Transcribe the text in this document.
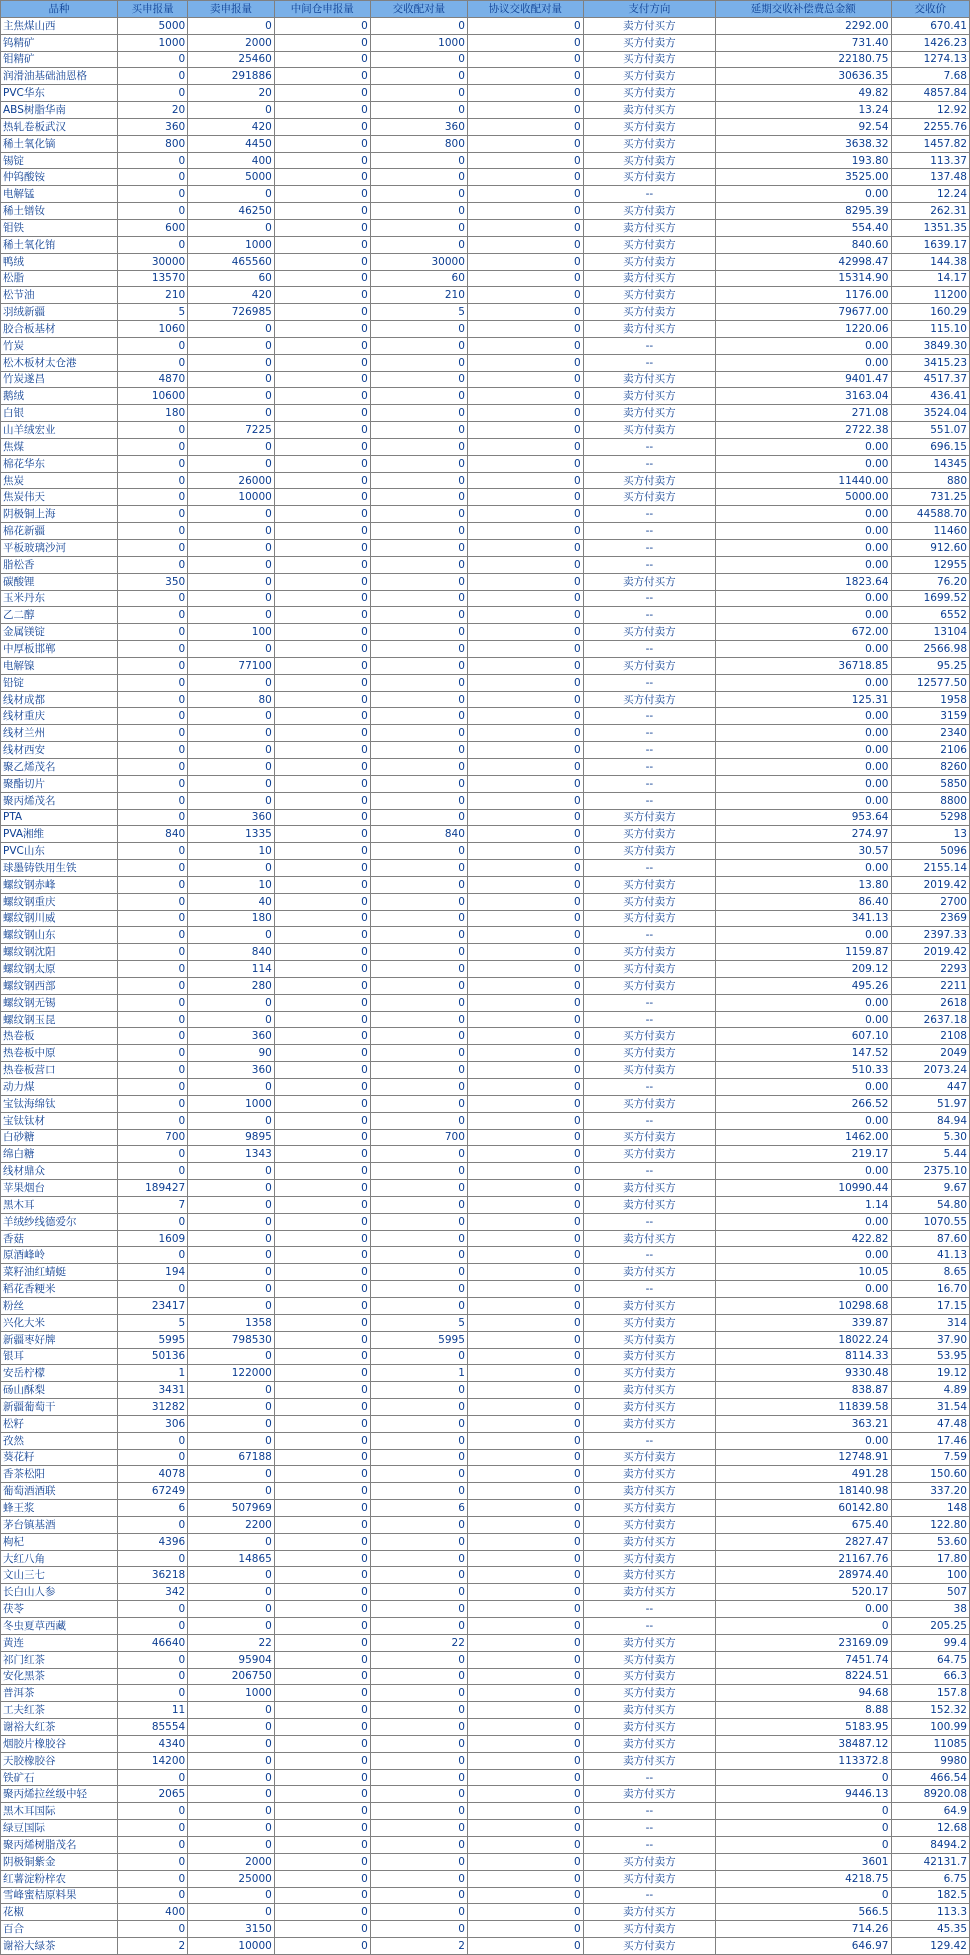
品种	买申报量	卖申报量	中间仓申报量	交收配对量	协议交收配对量	支付方向	延期交收补偿费总金额	交收价
主焦煤山西	5000	0	0	0	0	卖方付买方	2292.00	670.41
钨精矿	1000	2000	0	1000	0	买方付卖方	731.40	1426.23
钼精矿	0	25460	0	0	0	买方付卖方	22180.75	1274.13
润滑油基础油恩格	0	291886	0	0	0	买方付卖方	30636.35	7.68
PVC华东	0	20	0	0	0	买方付卖方	49.82	4857.84
ABS树脂华南	20	0	0	0	0	卖方付买方	13.24	12.92
热轧卷板武汉	360	420	0	360	0	买方付卖方	92.54	2255.76
稀土氧化镝	800	4450	0	800	0	买方付卖方	3638.32	1457.82
锡锭	0	400	0	0	0	买方付卖方	193.80	113.37
仲钨酸铵	0	5000	0	0	0	买方付卖方	3525.00	137.48
电解锰	0	0	0	0	0	--	0.00	12.24
稀土镨钕	0	46250	0	0	0	买方付卖方	8295.39	262.31
钼铁	600	0	0	0	0	卖方付买方	554.40	1351.35
稀土氧化铕	0	1000	0	0	0	买方付卖方	840.60	1639.17
鸭绒	30000	465560	0	30000	0	买方付卖方	42998.47	144.38
松脂	13570	60	0	60	0	卖方付买方	15314.90	14.17
松节油	210	420	0	210	0	买方付卖方	1176.00	11200
羽绒新疆	5	726985	0	5	0	买方付卖方	79677.00	160.29
胶合板基材	1060	0	0	0	0	卖方付买方	1220.06	115.10
竹炭	0	0	0	0	0	--	0.00	3849.30
松木板材太仓港	0	0	0	0	0	--	0.00	3415.23
竹炭遂昌	4870	0	0	0	0	卖方付买方	9401.47	4517.37
鹅绒	10600	0	0	0	0	卖方付买方	3163.04	436.41
白银	180	0	0	0	0	卖方付买方	271.08	3524.04
山羊绒宏业	0	7225	0	0	0	买方付卖方	2722.38	551.07
焦煤	0	0	0	0	0	--	0.00	696.15
棉花华东	0	0	0	0	0	--	0.00	14345
焦炭	0	26000	0	0	0	买方付卖方	11440.00	880
焦炭伟天	0	10000	0	0	0	买方付卖方	5000.00	731.25
阴极铜上海	0	0	0	0	0	--	0.00	44588.70
棉花新疆	0	0	0	0	0	--	0.00	11460
平板玻璃沙河	0	0	0	0	0	--	0.00	912.60
脂松香	0	0	0	0	0	--	0.00	12955
碳酸锂	350	0	0	0	0	卖方付买方	1823.64	76.20
玉米丹东	0	0	0	0	0	--	0.00	1699.52
乙二醇	0	0	0	0	0	--	0.00	6552
金属镁锭	0	100	0	0	0	买方付卖方	672.00	13104
中厚板邯郸	0	0	0	0	0	--	0.00	2566.98
电解镍	0	77100	0	0	0	买方付卖方	36718.85	95.25
铅锭	0	0	0	0	0	--	0.00	12577.50
线材成都	0	80	0	0	0	买方付卖方	125.31	1958
线材重庆	0	0	0	0	0	--	0.00	3159
线材兰州	0	0	0	0	0	--	0.00	2340
线材西安	0	0	0	0	0	--	0.00	2106
聚乙烯茂名	0	0	0	0	0	--	0.00	8260
聚酯切片	0	0	0	0	0	--	0.00	5850
聚丙烯茂名	0	0	0	0	0	--	0.00	8800
PTA	0	360	0	0	0	买方付卖方	953.64	5298
PVA湘维	840	1335	0	840	0	买方付卖方	274.97	13
PVC山东	0	10	0	0	0	买方付卖方	30.57	5096
球墨铸铁用生铁	0	0	0	0	0	--	0.00	2155.14
螺纹钢赤峰	0	10	0	0	0	买方付卖方	13.80	2019.42
螺纹钢重庆	0	40	0	0	0	买方付卖方	86.40	2700
螺纹钢川威	0	180	0	0	0	买方付卖方	341.13	2369
螺纹钢山东	0	0	0	0	0	--	0.00	2397.33
螺纹钢沈阳	0	840	0	0	0	买方付卖方	1159.87	2019.42
螺纹钢太原	0	114	0	0	0	买方付卖方	209.12	2293
螺纹钢西部	0	280	0	0	0	买方付卖方	495.26	2211
螺纹钢无锡	0	0	0	0	0	--	0.00	2618
螺纹钢玉昆	0	0	0	0	0	--	0.00	2637.18
热卷板	0	360	0	0	0	买方付卖方	607.10	2108
热卷板中原	0	90	0	0	0	买方付卖方	147.52	2049
热卷板营口	0	360	0	0	0	买方付卖方	510.33	2073.24
动力煤	0	0	0	0	0	--	0.00	447
宝钛海绵钛	0	1000	0	0	0	买方付卖方	266.52	51.97
宝钛钛材	0	0	0	0	0	--	0.00	84.94
白砂糖	700	9895	0	700	0	买方付卖方	1462.00	5.30
绵白糖	0	1343	0	0	0	买方付卖方	219.17	5.44
线材鼎众	0	0	0	0	0	--	0.00	2375.10
苹果烟台	189427	0	0	0	0	卖方付买方	10990.44	9.67
黑木耳	7	0	0	0	0	卖方付买方	1.14	54.80
羊绒纱线德爱尔	0	0	0	0	0	--	0.00	1070.55
香菇	1609	0	0	0	0	卖方付买方	422.82	87.60
原酒峰岭	0	0	0	0	0	--	0.00	41.13
菜籽油红蜻蜓	194	0	0	0	0	卖方付买方	10.05	8.65
稻花香粳米	0	0	0	0	0	--	0.00	16.70
粉丝	23417	0	0	0	0	卖方付买方	10298.68	17.15
兴化大米	5	1358	0	5	0	买方付卖方	339.87	314
新疆枣好牌	5995	798530	0	5995	0	买方付卖方	18022.24	37.90
银耳	50136	0	0	0	0	卖方付买方	8114.33	53.95
安岳柠檬	1	122000	0	1	0	买方付卖方	9330.48	19.12
砀山酥梨	3431	0	0	0	0	卖方付买方	838.87	4.89
新疆葡萄干	31282	0	0	0	0	卖方付买方	11839.58	31.54
松籽	306	0	0	0	0	卖方付买方	363.21	47.48
孜然	0	0	0	0	0	--	0.00	17.46
葵花籽	0	67188	0	0	0	买方付卖方	12748.91	7.59
香茶松阳	4078	0	0	0	0	卖方付买方	491.28	150.60
葡萄酒酒联	67249	0	0	0	0	卖方付买方	18140.98	337.20
蜂王浆	6	507969	0	6	0	买方付卖方	60142.80	148
茅台镇基酒	0	2200	0	0	0	买方付卖方	675.40	122.80
枸杞	4396	0	0	0	0	卖方付买方	2827.47	53.60
大红八角	0	14865	0	0	0	买方付卖方	21167.76	17.80
文山三七	36218	0	0	0	0	卖方付买方	28974.40	100
长白山人参	342	0	0	0	0	卖方付买方	520.17	507
茯苓	0	0	0	0	0	--	0.00	38
冬虫夏草西藏	0	0	0	0	0	--	0	205.25
黄连	46640	22	0	22	0	卖方付买方	23169.09	99.4
祁门红茶	0	95904	0	0	0	买方付卖方	7451.74	64.75
安化黑茶	0	206750	0	0	0	买方付卖方	8224.51	66.3
普洱茶	0	1000	0	0	0	买方付卖方	94.68	157.8
工夫红茶	11	0	0	0	0	卖方付买方	8.88	152.32
谢裕大红茶	85554	0	0	0	0	卖方付买方	5183.95	100.99
烟胶片橡胶谷	4340	0	0	0	0	卖方付买方	38487.12	11085
天胶橡胶谷	14200	0	0	0	0	卖方付买方	113372.8	9980
铁矿石	0	0	0	0	0	--	0	466.54
聚丙烯拉丝级中轻	2065	0	0	0	0	卖方付买方	9446.13	8920.08
黑木耳国际	0	0	0	0	0	--	0	64.9
绿豆国际	0	0	0	0	0	--	0	12.68
聚丙烯树脂茂名	0	0	0	0	0	--	0	8494.2
阴极铜紫金	0	2000	0	0	0	买方付卖方	3601	42131.7
红薯淀粉梓农	0	25000	0	0	0	买方付卖方	4218.75	6.75
雪峰蜜桔原料果	0	0	0	0	0	--	0	182.5
花椒	400	0	0	0	0	卖方付买方	566.5	113.3
百合	0	3150	0	0	0	买方付卖方	714.26	45.35
谢裕大绿茶	2	10000	0	2	0	买方付卖方	646.97	129.42
